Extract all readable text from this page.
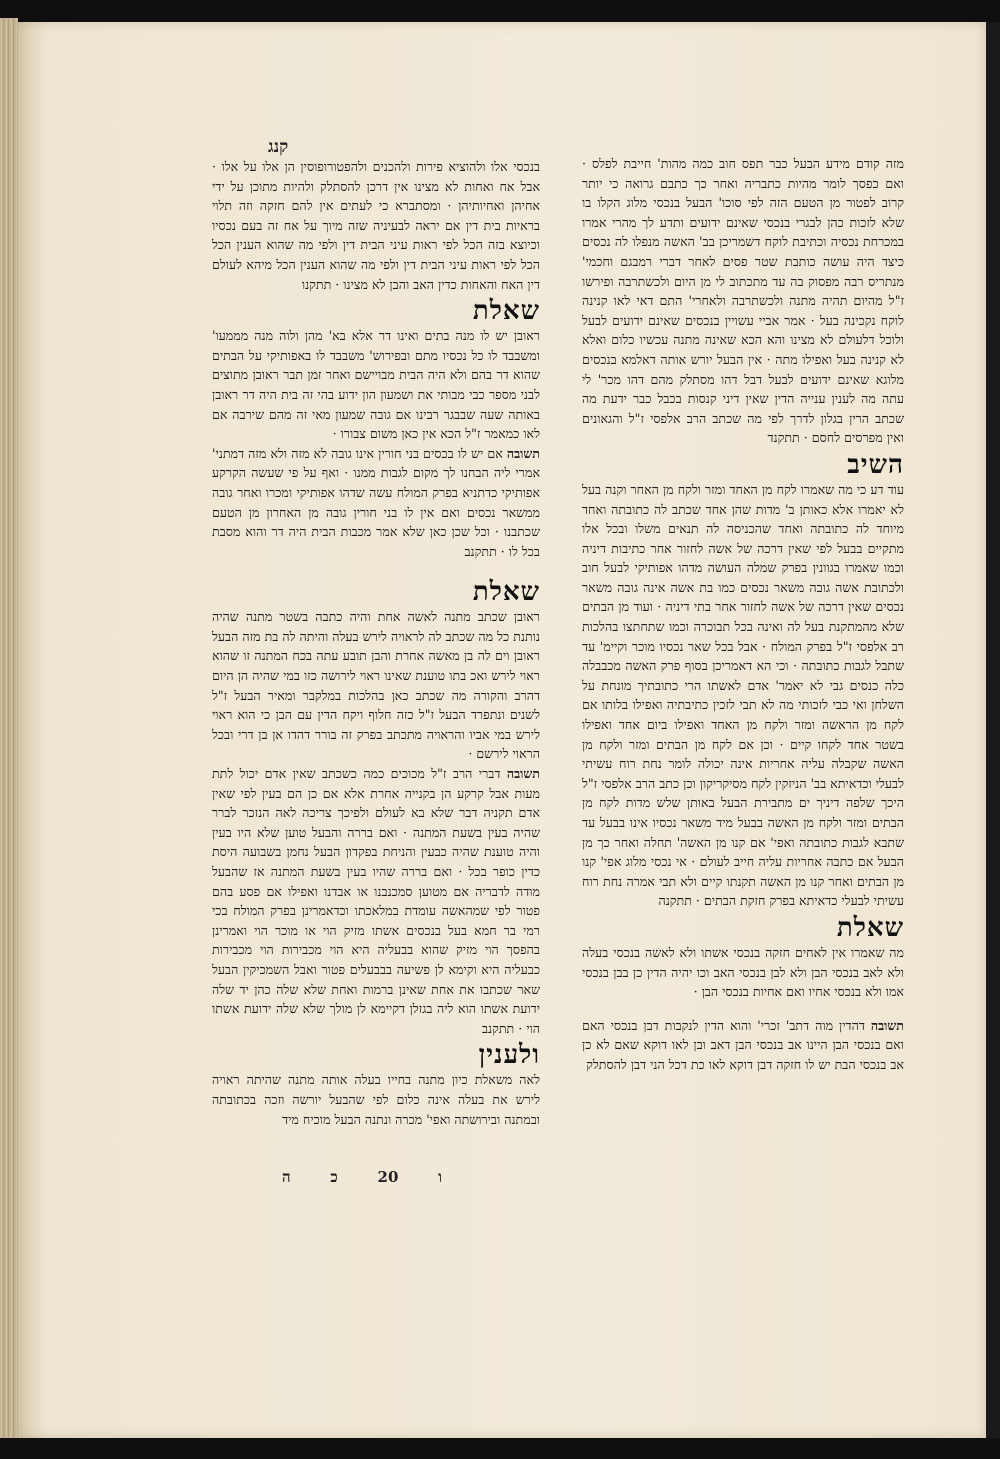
קנג

מזה קודם מידע הבעל כבר תפס חוב כמה מהות' חייבת לפלס · ואם כפסך לומר מהיות כתבריה ואחר כך כתבם גרואה כי יותר קרוב לפטור מן הטעם הזה לפי סוכו' הבעל בנכסי מלוג הקלו בו שלא לזכות כהן לבגרי בנכסי שאינם ידועים ותדע לך מהרי אמרו במכרחת נכסיה וכתיבת לוקח דשמריכן בב' האשה מנפלו לה נכסים כיצד היה עושה כותבת שטר פסים לאחר דברי רמבגם וחכמי' מנתריס רבה מפסוק בה עד מתכתוב לי מן היום ולכשתרבה ופירשו ז"ל מהיום תהיה מתנה ולכשתרבה ולאחרי' התם דאי לאו קנינה לוקח נקכינה בעל · אמר אביי עשויין בנכסים שאינם ידועים לבעל ולוכל דלעולם לא מצינו והא הכא שאינה מתנה עכשיו כלום ואלא לא קנינה בעל ואפילו מתה · אין הבעל יורש אותה דאלמא בנכסים מלוגא שאינם ידועים לבעל דבל דהו מסתלק מהם דהו מכר' לי עתה מה לענין ענייה הדין שאין דיני קנסות בכבל כבר ידעת מה שכתב הרין בגלון לדרך לפי מה שכתב הרב אלפסי ז"ל והגאונים ואין מפרסים לחסם · תתקנד

השיב

עוד דע כי מה שאמרו לקח מן האחד ומזר ולקח מן האחר וקנה בעל לא יאמרו אלא כאותן ב' מדות שהן אחד שכתב לה כתובתה ואחד מיוחד לה כתובתה ואחד שהכניסה לה תנאים משלו ובכל אלו מתקיים בבעל לפי שאין דרכה של אשה לחזור אחר כתיבות דיניה וכמו שאמרו בגוונין בפרק שמלה העושה מדהו אפותיקי לבעל חוב ולכתובת אשה גובה משאר נכסים כמו בת אשה אינה גובה משאר נכסים שאין דרכה של אשה לחזור אחר בתי דיניה · ועוד מן הבתים שלא מהמתקנת בעל לה ואינה בכל תבוכרה וכמו שתחתצו בהלכות רב אלפסי ז"ל בפרק המולח · אבל בכל שאר נכסיו מוכר וקיימ' עד שתבל לגבות כתובתה · וכי הא דאמריכן בסוף פרק האשה מכבבלה כלה כנסים גבי לא יאמר' אדם לאשתו הרי כתובתיך מונחת על השלחן ואי כבי לזכותי מה לא תבי לזכין כתיבתיה ואפילו בלותו אם לקח מן הראשה ומזר ולקח מן האחד ואפילו ביום אחד ואפילו בשטר אחד לקחו קיים · וכן אם לקח מן הבתים ומזר ולקח מן האשה שקבלה עליה אחריות אינה יכולה לומר נחת רוח עשיתי לבעלי וכדאיתא בב' הניזקין לקח מסיקריקון וכן כתב הרב אלפסי ז"ל היכך שלפה דיניך ים מתבירת הבעל באותן שלש מדות לקח מן הבתים ומזר ולקח מן האשה בבעל מיד משאר נכסיו אינו בבעל עד שתבא לגבות כתובתה ואפי' אם קנו מן האשה' תחלה ואחר כך מן הבעל אם כתבה אחריות עליה חייב לעולם · אי נכסי מלוג אפי' קנו מן הבתים ואחר קנו מן האשה תקנתו קיים ולא תבי אמרה נחת רוח עשיתי לבעלי כדאיתא בפרק חזקת הבתים · תתקנה

שאלת

מה שאמרו אין לאחים חזקה בנכסי אשתו ולא לאשה בנכסי בעלה ולא לאב בנכסי הבן ולא לבן בנכסי האב וכו יהיה הדין כן בבן בנכסי אמו ולא בנכסי אחיו ואם אחיות בנכסי הבן ·

תשובה דהדין מוה דתב' זכרי' והוא הדין לנקבות דבן בנכסי האם ואם בנכסי הבן היינו אב בנכסי הבן דאב ובן לאו דוקא שאם לא כן אב בנכסי הבת יש לו חזקה דבן דוקא לאו כת דכל הני דבן להסתלק

בנכסי אלו ולהוציא פירות ולהכנים ולהפטורופוסין הן אלו על אלו · אבל אח ואחות לא מצינו אין דרכן להסתלק ולהיות מתוכן על ידי אחיהן ואחיותיהן · ומסתברא כי לעתים אין להם חזקה וזה תלוי בראיות בית דין אם יראה לבעיניה שזה מיוך על אח זה בעם נכסיו וכיוצא בזה הכל לפי ראות עיני הבית דין ולפי מה שהוא הענין הכל הכל לפי ראות עיני הבית דין ולפי מה שהוא הענין הכל מיהא לעולם דין האח והאחות כדין האב והבן לא מצינו · תתקנו

שאלת

ראובן יש לו מנה בתים ואינו דר אלא בא' מהן ולוה מנה מממעו' ומשבבד לו כל נכסיו מתם ובפירוש' משבבד לו באפותיקי על הבתים שהוא דר בהם ולא היה הבית מבויישם ואחר זמן תבר ראובן מתוצים לבני מספר כבי מבותי את ושמעון הון ידוע בהי זה בית היה דר ראובן באותה שעה שבבגר רבינו אם גובה שמעון מאי זה מהם שירבה אם לאו כמאמר ז"ל הכא אין כאן משום צבורו ·

תשובה אם יש לו בכסים בני חורין אינו גובה לא מזה ולא מזה דמתני' אמרי ליה הבחנו לך מקום לגבות ממנו · ואף על פי שעשה הקרקע אפותיקי כדתניא בפרק המולח עשה שדהו אפותיקי ומכרו ואחר גובה ממשאר נכסים ואם אין לו בני חורין גובה מן האחרון מן הטעם שכתבנו · וכל שכן כאן שלא אמר מכבות הבית היה דר והוא מסבת בכל לו · תתקנב

שאלת

ראובן שכתב מתנה לאשה אחת והיה כתבה בשטר מתנה שהיה נותנת כל מה שכתב לה לראויה לירש בעלה והיתה לה בת מזה הבעל ראובן וים לה בן מאשה אחרת והבן תובע עתה בכח המתנה זו שהוא ראוי לירש ואכ בתו טוענת שאינו ראוי לירושה כזו במי שהיה הן היום דהרב והקורה מה שכתב כאן בהלכות במלקבר ומאיר הבעל ז"ל לשנים ונתפרד הבעל ז"ל כזה חלוף ויקח הדין עם הבן כי הוא ראוי לירש במי אביו והראויה מתכתב בפרק זה בורר דהדו אן בן דרי ובכל הראוי לירשם ·

תשובה דברי הרב ז"ל מכוכים כמה כשכתב שאין אדם יכול לתת מעות אבל קרקע הן בקנייה אחרת אלא אם כן הם בעין לפי שאין אדם תקניה דבר שלא בא לעולם ולפיכך צריכה לאה הנזכר לברר שהיה בעין בשעת המתנה · ואם בררה והבעל טוען שלא היו בעין והיה טוענת שהיה כבעין והניחת בפקדון הבעל נחמן בשבועה היסת כדין כופר בכל · ואם בררה שהיו בעין בשעת המתנה אז שהבעל מודה לדבריה אם מטוען סמכנבנו או אבדנו ואפילו אם פסע בהם פטור לפי שמהאשה עומדת במלאכתו וכדאמרינן בפרק המולח בכי רמי בר חמא בעל בנכסים אשתו מזיק הוי או מוכר הוי ואמרינן בהפסך הוי מזיק שהוא בבעליה היא הוי מכבירות הוי מכבירות כבעליה היא וקימא לן פשיעה בבבעלים פטור ואבל השמכיקין הבעל שאר שכתבו את אחת שאינן ברמות ואחת שלא שלה כהן יד שלה ידועת אשתו הוא ליה בגזלן דקיימא לן מולך שלא שלה ידועת אשתו הוי · תתקנב

ולענין

לאה משאלת כיון מתנה בחייו בעלה אותה מתנה שהיתה ראויה לירש את בעלה אינה כלום לפי שהבעל יורשה וזכה בכתובתה ובמתנה ובירושתה ואפי' מכרה ונתנה הבעל מוכיח מיד

ה	כ	20	ו
